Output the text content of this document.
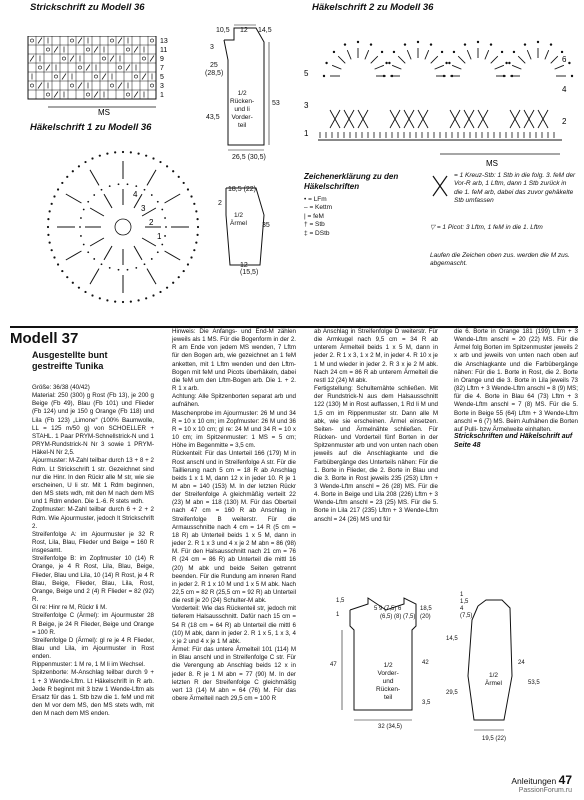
Strickschrift zu Modell 36
13
11
9
7
5
3
1
MS
Häkelschrift 1 zu Modell 36
4
3
2
1
10,5 12 14,5
3
25
(28,5)
43,5
53
1/2
Rücken-
und li
Vorder-
teil
26,5 (30,5)
18,5 (22)
2
35
1/2
Ärmel
12
(15,5)
Häkelschrift 2 zu Modell 36
MS
6
5
4
3
2
1
Zeichenerklärung zu den Häkelschriften
• = LFm
‒ = Kettm
| = feM
† = Stb
‡ = DStb
= 1 Kreuz-Stb: 1 Stb in die folg. 3. feM der Vor-R arb, 1 Lftm, dann 1 Stb zurück in die 1. feM arb, dabei das zuvor gehäkelte Stb umfassen
▽ = 1 Picot: 3 Lftm, 1 feM in die 1. Lftm
Laufen die Zeichen oben zus. werden die M zus. abgemascht.
Modell 37
Ausgestellte bunt gestreifte Tunika

Größe: 36/38 (40/42)

Material: 250 (300) g Rost (Fb 13), je 200 g Beige (Fb 49), Blau (Fb 101) und Flieder (Fb 124) und je 150 g Orange (Fb 118) und Lila (Fb 123) „Limone“ (100% Baumwolle, LL = 125 m/50 g) von SCHOELLER + STAHL. 1 Paar PRYM-Schnellstrick-N und 1 PRYM-Rundstrick-N Nr 3 sowie 1 PRYM-Häkel-N Nr 2,5.

Ajourmuster: M-Zahl teilbar durch 13 + 8 + 2 Rdm. Lt Strickschrift 1 str. Gezeichnet sind nur die Hinr. In den Rückr alle M str, wie sie erscheinen, U li str. Mit 1 Rdm beginnen, den MS stets wdh, mit den M nach dem MS und 1 Rdm enden. Die 1.-6. R stets wdh.

Zopfmuster: M-Zahl teilbar durch 6 + 2 + 2 Rdm. Wie Ajourmuster, jedoch lt Strickschrift 2.

Streifenfolge A: im Ajourmuster je 32 R Rost, Lila, Blau, Flieder und Beige = 160 R insgesamt.

Streifenfolge B: im Zopfmuster 10 (14) R Orange, je 4 R Rost, Lila, Blau, Beige, Flieder, Blau und Lila, 10 (14) R Rost, je 4 R Blau, Beige, Flieder, Blau, Lila, Rost, Orange, Beige und 2 (4) R Flieder = 82 (92) R.

Gl re: Hinr re M, Rückr li M.

Streifenfolge C (Ärmel): im Ajourmuster 28 R Beige, je 24 R Flieder, Beige und Orange = 100 R.

Streifenfolge D (Ärmel): gl re je 4 R Flieder, Blau und Lila, im Ajourmuster in Rost enden.

Rippenmuster: 1 M re, 1 M li im Wechsel.

Spitzenborte: M-Anschlag teilbar durch 9 + 1 + 3 Wende-Lftm. Lt Häkelschrift in R arb. Jede R beginnt mit 3 bzw 1 Wende-Lftm als Ersatz für das 1. Stb bzw die 1. feM und mit den M vor dem MS, den MS stets wdh, mit den M nach dem MS enden.

Hinweis: Die Anfangs- und End-M zählen jeweils als 1 MS. Für die Bogenform in der 2. R am Ende von jedem MS wenden, 7 Lftm für den Bogen arb, wie gezeichnet an 1 feM anketten, mit 1 Lftm wenden und den Lftm-Bogen mit feM und Picots überhäkeln, dabei die feM um den Lftm-Bogen arb. Die 1. + 2. R 1 x arb.

Achtung: Alle Spitzenborten separat arb und aufnähen.

Maschenprobe im Ajourmuster: 26 M und 34 R = 10 x 10 cm; im Zopfmuster: 26 M und 36 R = 10 x 10 cm; gl re: 24 M und 34 R = 10 x 10 cm; im Spitzenmuster: 1 MS = 5 cm; Höhe im Begenmitte = 3,5 cm.

Rückenteil: Für das Unterteil 166 (179) M in Rost anschl und in Streifenfolge A str. Für die Taillierung nach 5 cm = 18 R ab Anschlag beids 1 x 1 M, dann 12 x in jeder 10. R je 1 M abn = 140 (153) M. In der letzten Rückr der Streifenfolge A gleichmäßig verteilt 22 (23) M abn = 118 (130) M. Für das Oberteil nach 47 cm = 160 R ab Anschlag in Streifenfolge B weiterstr. Für die Armausschnitte nach 4 cm = 14 R (5 cm = 18 R) ab Unterteil beids 1 x 5 M, dann in jeder 2. R 1 x 3 und 4 x je 2 M abn = 86 (98) M. Für den Halsausschnitt nach 21 cm = 76 R (24 cm = 86 R) ab Unterteil die mittl 16 (20) M abk und beide Seiten getrennt beenden. Für die Rundung am inneren Rand in jeder 2. R 1 x 10 M und 1 x 5 M abk. Nach 22,5 cm = 82 R (25,5 cm = 92 R) ab Unterteil die restl je 20 (24) Schulter-M abk.

Vorderteil: Wie das Rückenteil str, jedoch mit tieferem Halsausschnitt. Dafür nach 15 cm = 54 R (18 cm = 64 R) ab Unterteil die mittl 6 (10) M abk, dann in jeder 2. R 1 x 5, 1 x 3, 4 x je 2 und 4 x je 1 M abk.

Ärmel: Für das untere Ärmelteil 101 (114) M in Blau anschl und in Streifenfolge C str. Für die Verengung ab Anschlag beids 12 x in jeder 8. R je 1 M abn = 77 (90) M. In der letzten R der Streifenfolge C gleichmäßig vert 13 (14) M abn = 64 (76) M. Für das obere Ärmelteil nach 29,5 cm = 100 R

ab Anschlag in Streifenfolge D weiterstr. Für die Armkugel nach 9,5 cm = 34 R ab unterem Ärmelteil beids 1 x 5 M, dann in jeder 2. R 1 x 3, 1 x 2 M, in jeder 4. R 10 x je 1 M und wieder in jeder 2. R 3 x je 2 M abk. Nach 24 cm = 86 R ab unterem Ärmelteil die restl 12 (24) M abk.

Fertigstellung: Schulternähte schließen. Mit der Rundstrick-N aus dem Halsausschnitt 122 (130) M in Rost auffassen, 1 Rd li M und 1,5 cm im Rippenmuster str. Dann alle M abk, wie sie erscheinen. Ärmel einsetzen. Seiten- und Ärmelnähte schließen. Für Rücken- und Vorderteil fünf Borten in der Spitzenmuster arb und von unten nach oben jeweils auf die Anschlagkante und die Farbübergänge des Unterteils nähen: Für die 1. Borte in Flieder, die 2. Borte in Blau und die 3. Borte in Rost jeweils 235 (253) Lftm + 3 Wende-Lftm anschl = 26 (28) MS. Für die 4. Borte in Beige und Lila 208 (226) Lftm + 3 Wende-Lftm anschl = 23 (25) MS. Für die 5. Borte in Lila 217 (235) Lftm + 3 Wende-Lftm anschl = 24 (26) MS und für

die 6. Borte in Orange 181 (199) Lftm + 3 Wende-Lftm anschl = 20 (22) MS. Für die Ärmel folg Borten im Spitzenmuster jeweils 2 x arb und jeweils von unten nach oben auf die Anschlagkante und die Farbübergänge nähen: Für die 1. Borte in Rost, die 2. Borte in Orange und die 3. Borte in Lila jeweils 73 (82) Lftm + 3 Wende-Lftm anschl = 8 (9) MS; für die 4. Borte in Blau 64 (73) Lftm + 3 Wende-Lftm anschl = 7 (8) MS. Für die 5. Borte in Beige 55 (64) Lftm + 3 Wende-Lftm anschl = 6 (7) MS. Beim Aufnähen die Borten auf Pulli- bzw Ärmelweite einhalten.

Strickschriften und Häkelschrift auf Seite 48
5 9 (7,5) 6
(6,5) (8) (7,5)
1,5
1
47
18,5
(20)
42
3,5
1/2
Vorder-
und
Rücken-
teil
32 (34,5)
1
1,5
4
(7,5)
14,5
29,5
24
53,5
1/2
Ärmel
19,5 (22)
Anleitungen 47
PassionForum.ru
